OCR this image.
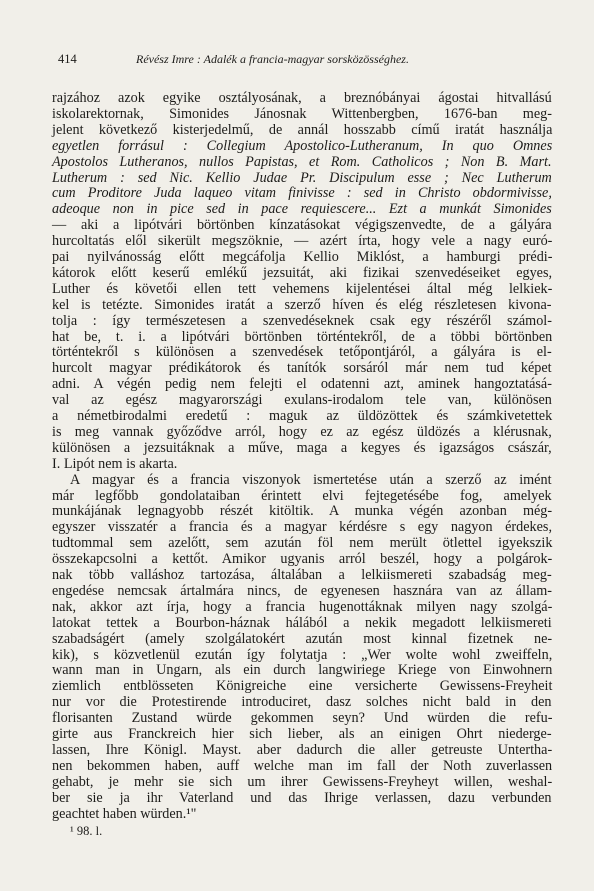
414	Révész Imre : Adalék a francia-magyar sorsközösséghez.
rajzához azok egyike osztályosának, a breznóbányai ágostai hitvallású
iskolarektornak, Simonides Jánosnak Wittenbergben, 1676-ban meg-
jelent következő kisterjedelmű, de annál hosszabb című iratát használja
egyetlen forrásul : Collegium Apostolico-Lutheranum, In quo Omnes
Apostolos Lutheranos, nullos Papistas, et Rom. Catholicos ; Non B. Mart.
Lutherum : sed Nic. Kellio Judae Pr. Discipulum esse ; Nec Lutherum
cum Proditore Juda laqueo vitam finivisse : sed in Christo obdormivisse,
adeoque non in pice sed in pace requiescere... Ezt a munkát Simonides
— aki a lipótvári börtönben kínzatásokat végigszenvedte, de a gályára
hurcoltatás elől sikerült megszöknie, — azért írta, hogy vele a nagy euró-
pai nyilvánosság előtt megcáfolja Kellio Miklóst, a hamburgi prédi-
kátorok előtt keserű emlékű jezsuitát, aki fizikai szenvedéseiket egyes,
Luther és követői ellen tett vehemens kijelentései által még lelkiek-
kel is tetézte. Simonides iratát a szerző híven és elég részletesen kivona-
tolja : így természetesen a szenvedéseknek csak egy részéről számol-
hat be, t. i. a lipótvári börtönben történtekről, de a többi börtönben
történtekről s különösen a szenvedések tetőpontjáról, a gályára is el-
hurcolt magyar prédikátorok és tanítók sorsáról már nem tud képet
adni. A végén pedig nem felejti el odatenni azt, aminek hangoztatásá-
val az egész magyarországi exulans-irodalom tele van, különösen
a németbirodalmi eredetű : maguk az üldözöttek és számkivetettek
is meg vannak győződve arról, hogy ez az egész üldözés a klérusnak,
különösen a jezsuitáknak a műve, maga a kegyes és igazságos császár,
I. Lipót nem is akarta.
A magyar és a francia viszonyok ismertetése után a szerző az imént
már legfőbb gondolataiban érintett elvi fejtegetésébe fog, amelyek
munkájának legnagyobb részét kitöltik. A munka végén azonban még-
egyszer visszatér a francia és a magyar kérdésre s egy nagyon érdekes,
tudtommal sem azelőtt, sem azután föl nem merült ötlettel igyekszik
összekapcsolni a kettőt. Amikor ugyanis arról beszél, hogy a polgárok-
nak több valláshoz tartozása, általában a lelkiismereti szabadság meg-
engedése nemcsak ártalmára nincs, de egyenesen hasznára van az állam-
nak, akkor azt írja, hogy a francia hugenottáknak milyen nagy szolgá-
latokat tettek a Bourbon-háznak hálából a nekik megadott lelkiismereti
szabadságért (amely szolgálatokért azután most kinnal fizetnek ne-
kik), s közvetlenül ezután így folytatja : „Wer wolte wohl zweiffeln,
wann man in Ungarn, als ein durch langwiriege Kriege von Einwohnern
ziemlich entblösseten Königreiche eine versicherte Gewissens-Freyheit
nur vor die Protestirende introduciret, dasz solches nicht bald in den
florisanten Zustand würde gekommen seyn? Und würden die refu-
girte aus Franckreich hier sich lieber, als an einigen Ohrt niederge-
lassen, Ihre Königl. Mayst. aber dadurch die aller getreuste Unterthа-
nen bekommen haben, auff welche man im fall der Noth zuverlassen
gehabt, je mehr sie sich um ihrer Gewissens-Freyheyt willen, weshal-
ber sie ja ihr Vaterland und das Ihrige verlassen, dazu verbunden
geachtet haben würden.¹"
¹ 98. l.
